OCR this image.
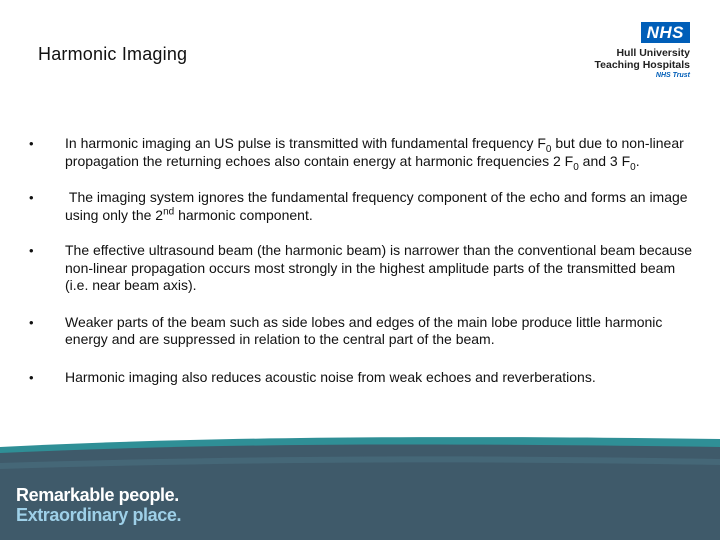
Harmonic Imaging
NHS
Hull University
Teaching Hospitals
NHS Trust
• In harmonic imaging an US pulse is transmitted with fundamental frequency $F_0$ but due to non-linear propagation the returning echoes also contain energy at harmonic frequencies 2 $F_0$ and 3 $F_0$.
•  The imaging system ignores the fundamental frequency component of the echo and forms an image using only the 2nd harmonic component.
• The effective ultrasound beam (the harmonic beam) is narrower than the conventional beam because non-linear propagation occurs most strongly in the highest amplitude parts of the transmitted beam (i.e. near beam axis).
• Weaker parts of the beam such as side lobes and edges of the main lobe produce little harmonic energy and are suppressed in relation to the central part of the beam.
• Harmonic imaging also reduces acoustic noise from weak echoes and reverberations.
Remarkable people.
Extraordinary place.
